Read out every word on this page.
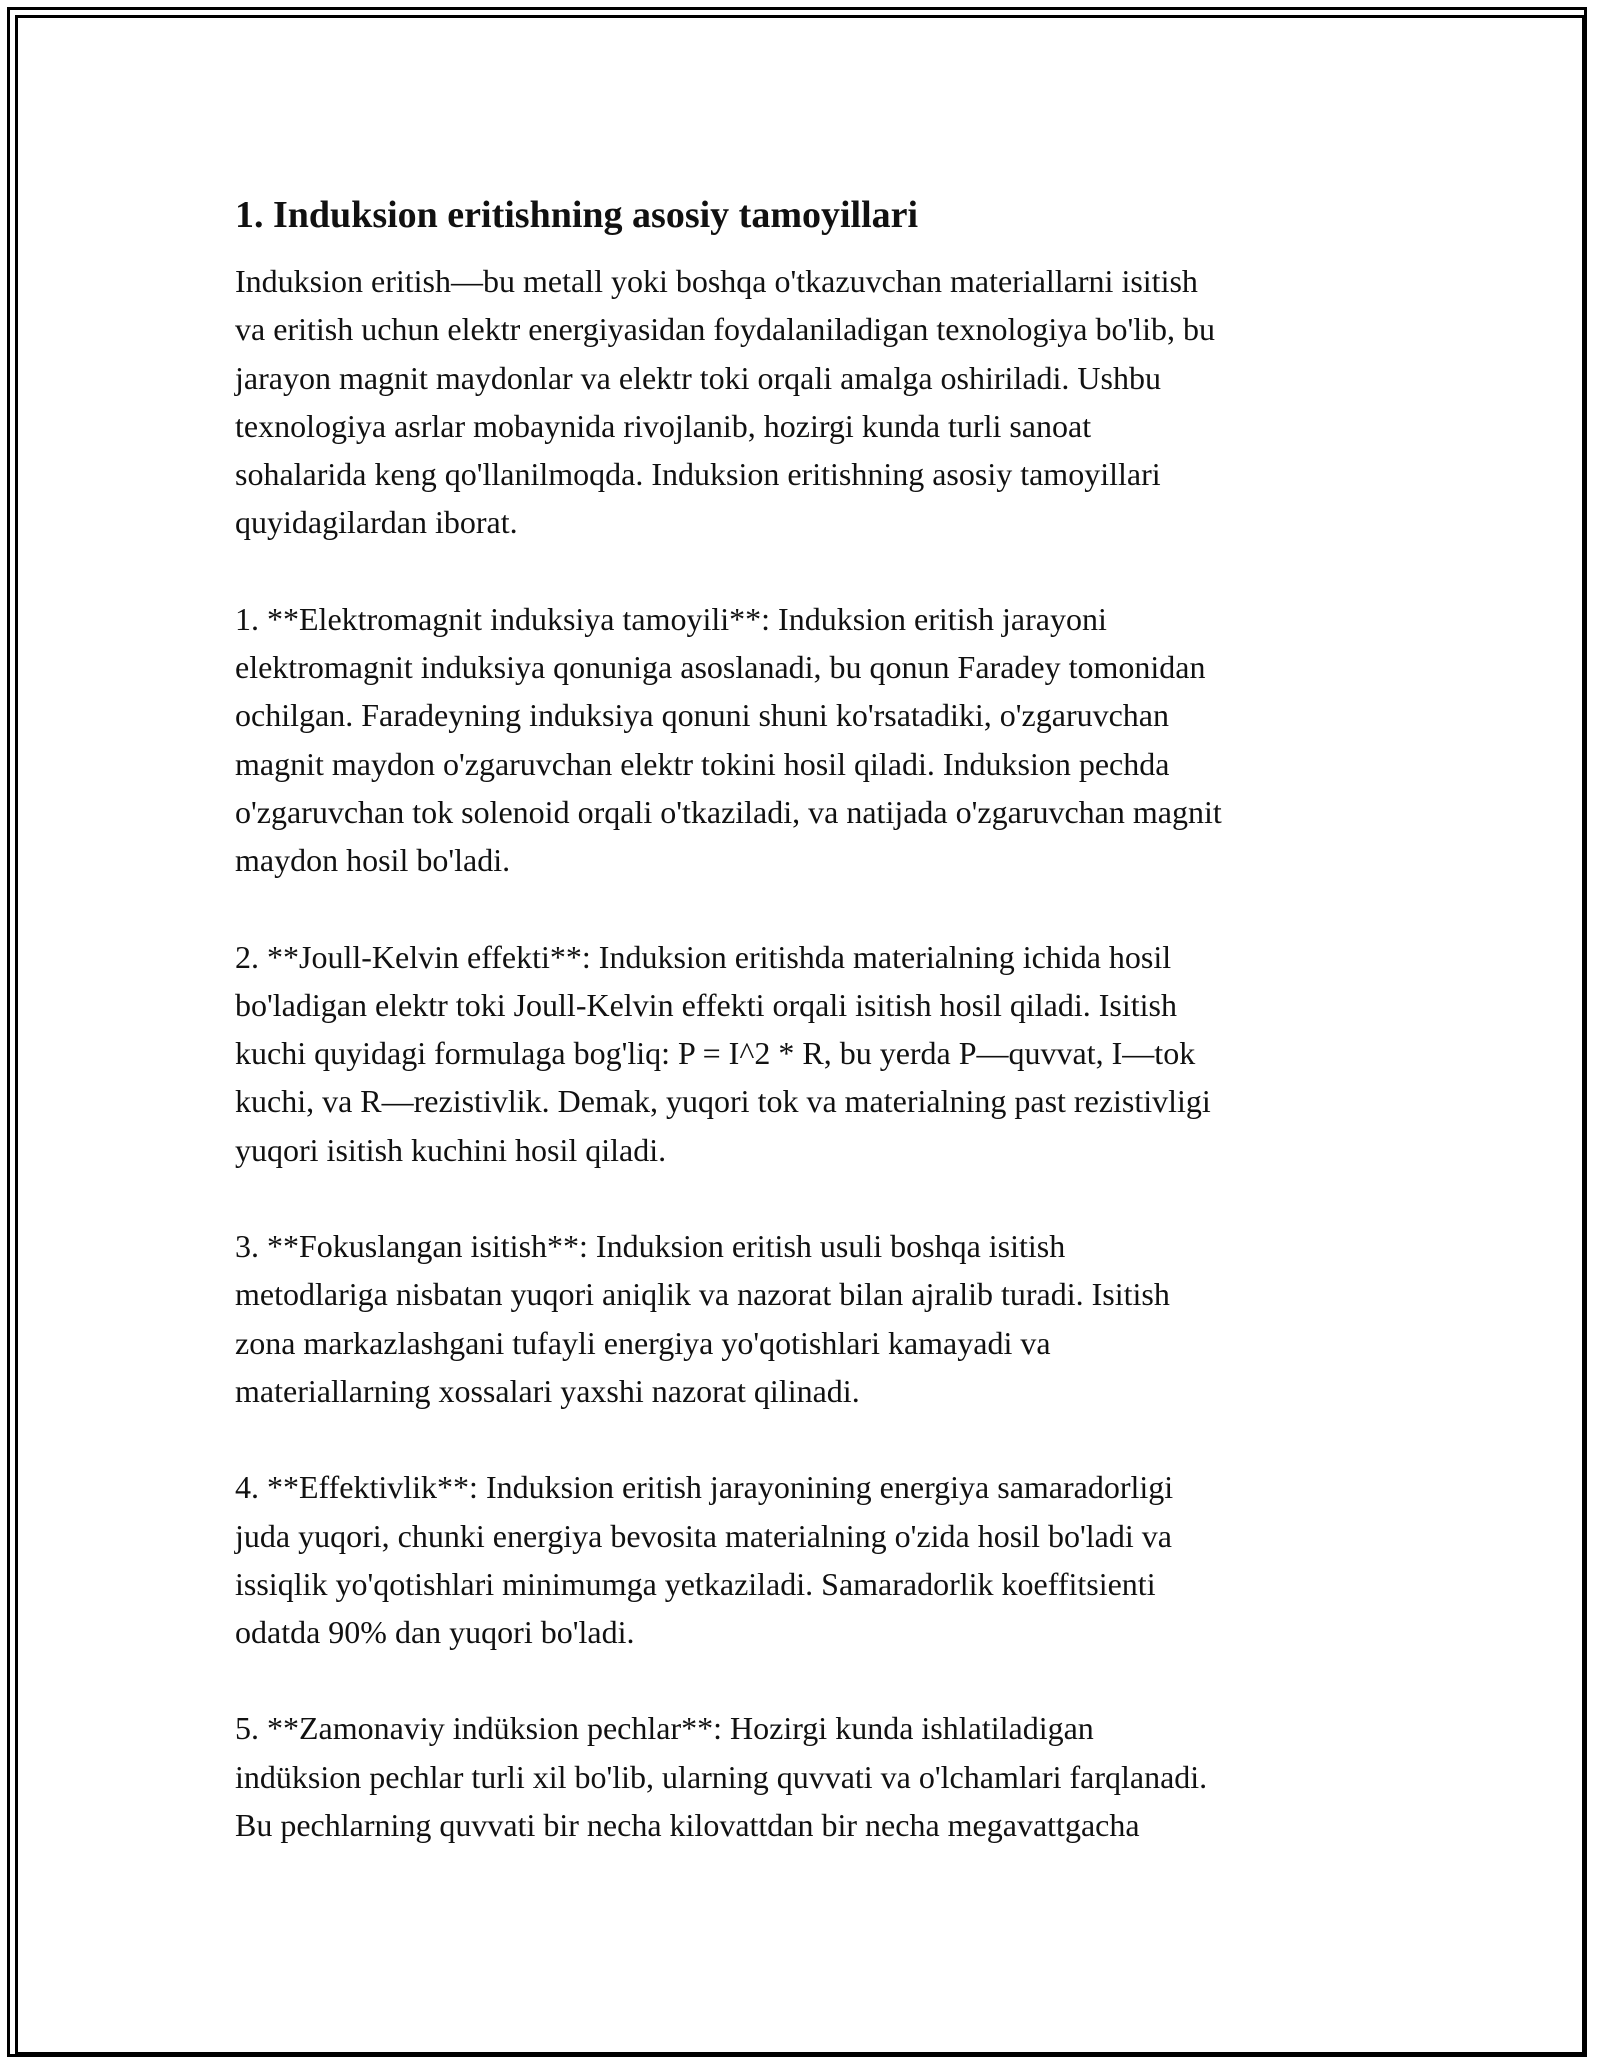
1. Induksion eritishning asosiy tamoyillari

Induksion eritish—bu metall yoki boshqa o'tkazuvchan materiallarni isitish
va eritish uchun elektr energiyasidan foydalaniladigan texnologiya bo'lib, bu
jarayon magnit maydonlar va elektr toki orqali amalga oshiriladi. Ushbu
texnologiya asrlar mobaynida rivojlanib, hozirgi kunda turli sanoat
sohalarida keng qo'llanilmoqda. Induksion eritishning asosiy tamoyillari
quyidagilardan iborat.

1. **Elektromagnit induksiya tamoyili**: Induksion eritish jarayoni
elektromagnit induksiya qonuniga asoslanadi, bu qonun Faradey tomonidan
ochilgan. Faradeyning induksiya qonuni shuni ko'rsatadiki, o'zgaruvchan
magnit maydon o'zgaruvchan elektr tokini hosil qiladi. Induksion pechda
o'zgaruvchan tok solenoid orqali o'tkaziladi, va natijada o'zgaruvchan magnit
maydon hosil bo'ladi.

2. **Joull-Kelvin effekti**: Induksion eritishda materialning ichida hosil
bo'ladigan elektr toki Joull-Kelvin effekti orqali isitish hosil qiladi. Isitish
kuchi quyidagi formulaga bog'liq: P = I^2 * R, bu yerda P—quvvat, I—tok
kuchi, va R—rezistivlik. Demak, yuqori tok va materialning past rezistivligi
yuqori isitish kuchini hosil qiladi.

3. **Fokuslangan isitish**: Induksion eritish usuli boshqa isitish
metodlariga nisbatan yuqori aniqlik va nazorat bilan ajralib turadi. Isitish
zona markazlashgani tufayli energiya yo'qotishlari kamayadi va
materiallarning xossalari yaxshi nazorat qilinadi.

4. **Effektivlik**: Induksion eritish jarayonining energiya samaradorligi
juda yuqori, chunki energiya bevosita materialning o'zida hosil bo'ladi va
issiqlik yo'qotishlari minimumga yetkaziladi. Samaradorlik koeffitsienti
odatda 90% dan yuqori bo'ladi.

5. **Zamonaviy indüksion pechlar**: Hozirgi kunda ishlatiladigan
indüksion pechlar turli xil bo'lib, ularning quvvati va o'lchamlari farqlanadi.
Bu pechlarning quvvati bir necha kilovattdan bir necha megavattgacha
